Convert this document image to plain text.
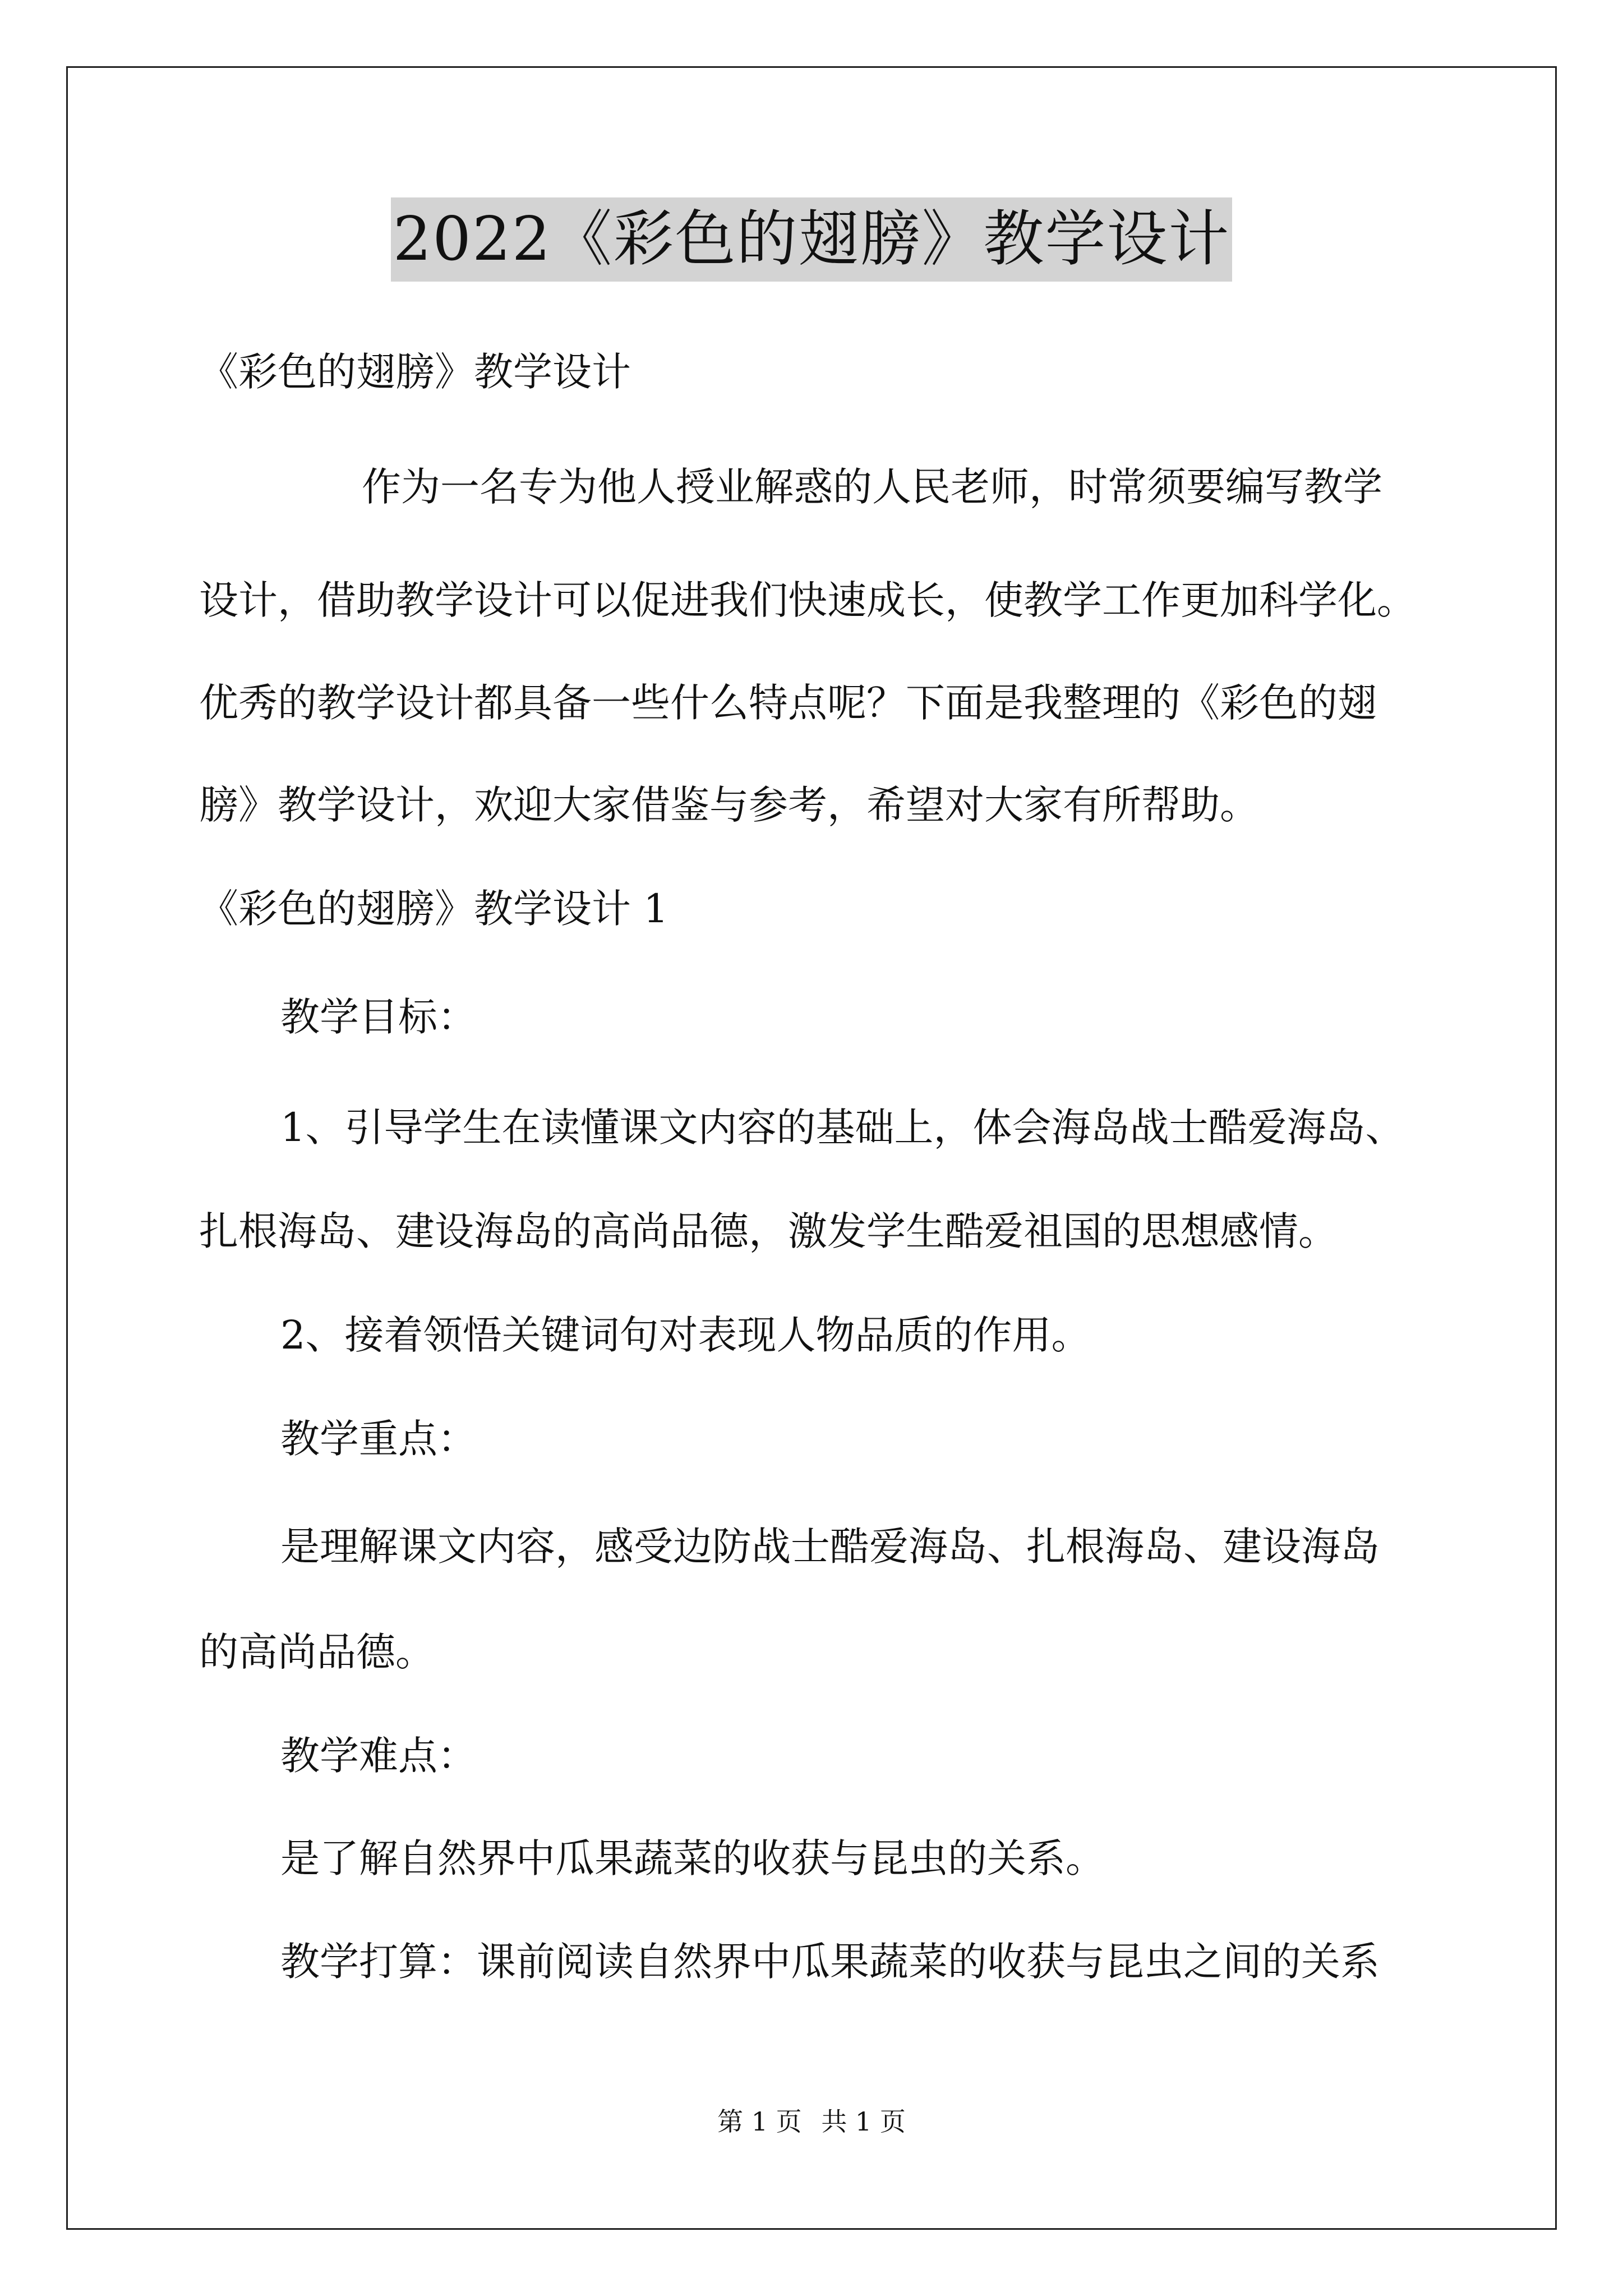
2022《彩色的翅膀》教学设计
《彩色的翅膀》教学设计
作为一名专为他人授业解惑的人民老师，时常须要编写教学
设计，借助教学设计可以促进我们快速成长，使教学工作更加科学化。
优秀的教学设计都具备一些什么特点呢？下面是我整理的《彩色的翅
膀》教学设计，欢迎大家借鉴与参考，希望对大家有所帮助。
《彩色的翅膀》教学设计 1
教学目标：
1、引导学生在读懂课文内容的基础上，体会海岛战士酷爱海岛、
扎根海岛、建设海岛的高尚品德，激发学生酷爱祖国的思想感情。
2、接着领悟关键词句对表现人物品质的作用。
教学重点：
是理解课文内容，感受边防战士酷爱海岛、扎根海岛、建设海岛
的高尚品德。
教学难点：
是了解自然界中瓜果蔬菜的收获与昆虫的关系。
教学打算：课前阅读自然界中瓜果蔬菜的收获与昆虫之间的关系
第 1 页 共 1 页
